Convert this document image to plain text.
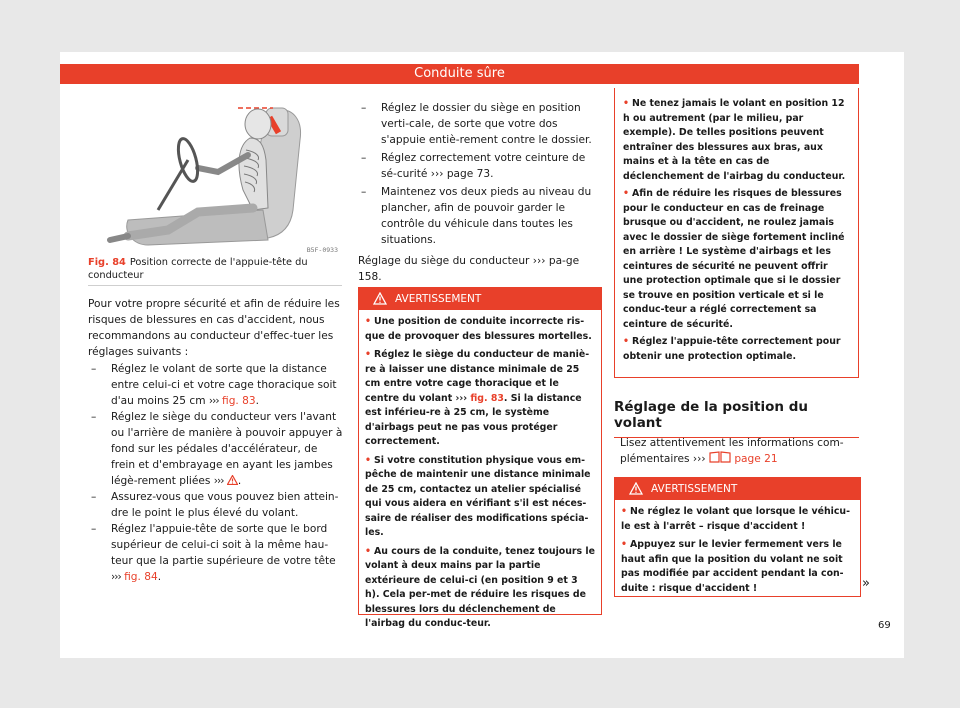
Conduite sûre
B5F-0933
Fig. 84 Position correcte de l'appuie-tête du conducteur
Pour votre propre sécurité et afin de réduire les risques de blessures en cas d'accident, nous recommandons au conducteur d'effec-tuer les réglages suivants :
– Réglez le volant de sorte que la distance entre celui-ci et votre cage thoracique soit d'au moins 25 cm ››› fig. 83.
– Réglez le siège du conducteur vers l'avant ou l'arrière de manière à pouvoir appuyer à fond sur les pédales d'accélérateur, de frein et d'embrayage en ayant les jambes légè-rement pliées ››› .
– Assurez-vous que vous pouvez bien attein-dre le point le plus élevé du volant.
– Réglez l'appuie-tête de sorte que le bord supérieur de celui-ci soit à la même hau-teur que la partie supérieure de votre tête ››› fig. 84.
– Réglez le dossier du siège en position verti-cale, de sorte que votre dos s'appuie entiè-rement contre le dossier.
– Réglez correctement votre ceinture de sé-curité ››› page 73.
– Maintenez vos deux pieds au niveau du plancher, afin de pouvoir garder le contrôle du véhicule dans toutes les situations.
Réglage du siège du conducteur ››› pa-ge 158.
AVERTISSEMENT

• Une position de conduite incorrecte ris-que de provoquer des blessures mortelles.

• Réglez le siège du conducteur de maniè-re à laisser une distance minimale de 25 cm entre votre cage thoracique et le centre du volant ››› fig. 83. Si la distance est inférieu-re à 25 cm, le système d'airbags peut ne pas vous protéger correctement.

• Si votre constitution physique vous em-pêche de maintenir une distance minimale de 25 cm, contactez un atelier spécialisé qui vous aidera en vérifiant s'il est néces-saire de réaliser des modifications spécia-les.

• Au cours de la conduite, tenez toujours le volant à deux mains par la partie extérieure de celui-ci (en position 9 et 3 h). Cela per-met de réduire les risques de blessures lors du déclenchement de l'airbag du conduc-teur.

• Ne tenez jamais le volant en position 12 h ou autrement (par le milieu, par exemple). De telles positions peuvent entraîner des blessures aux bras, aux mains et à la tête en cas de déclenchement de l'airbag du conducteur.

• Afin de réduire les risques de blessures pour le conducteur en cas de freinage brusque ou d'accident, ne roulez jamais avec le dossier de siège fortement incliné en arrière ! Le système d'airbags et les ceintures de sécurité ne peuvent offrir une protection optimale que si le dossier se trouve en position verticale et si le conduc-teur a réglé correctement sa ceinture de sécurité.

• Réglez l'appuie-tête correctement pour obtenir une protection optimale.

Réglage de la position du volant
Lisez attentivement les informations com-plémentaires ›››  page 21
AVERTISSEMENT

• Ne réglez le volant que lorsque le véhicu-le est à l'arrêt – risque d'accident !

• Appuyez sur le levier fermement vers le haut afin que la position du volant ne soit pas modifiée par accident pendant la con-duite : risque d'accident !	»
69
